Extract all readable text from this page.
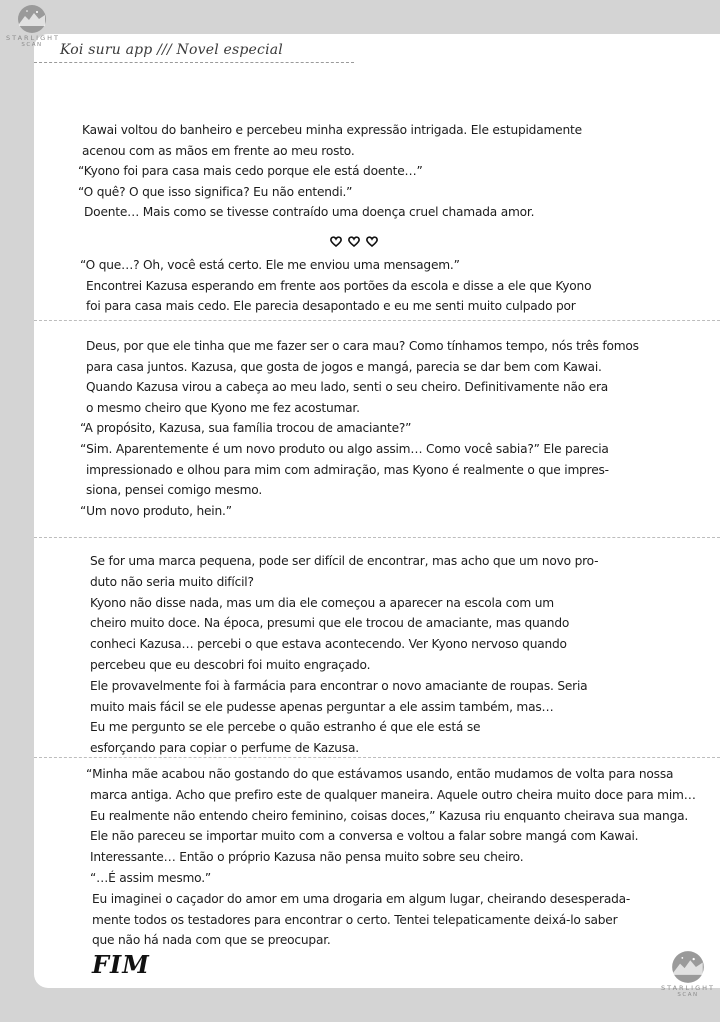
STARLIGHT
SCAN	Koi suru app /// Novel especial
Kawai voltou do banheiro e percebeu minha expressão intrigada. Ele estupidamente
acenou com as mãos em frente ao meu rosto.
“Kyono foi para casa mais cedo porque ele está doente…”
“O quê? O que isso significa? Eu não entendi.”
Doente… Mais como se tivesse contraído uma doença cruel chamada amor.
“O que…? Oh, você está certo. Ele me enviou uma mensagem.”
Encontrei Kazusa esperando em frente aos portões da escola e disse a ele que Kyono
foi para casa mais cedo. Ele parecia desapontado e eu me senti muito culpado por
Deus, por que ele tinha que me fazer ser o cara mau? Como tínhamos tempo, nós três fomos
para casa juntos. Kazusa, que gosta de jogos e mangá, parecia se dar bem com Kawai.
Quando Kazusa virou a cabeça ao meu lado, senti o seu cheiro. Definitivamente não era
o mesmo cheiro que Kyono me fez acostumar.
“A propósito, Kazusa, sua família trocou de amaciante?”
“Sim. Aparentemente é um novo produto ou algo assim… Como você sabia?” Ele parecia
impressionado e olhou para mim com admiração, mas Kyono é realmente o que impres-
siona, pensei comigo mesmo.
“Um novo produto, hein.”
Se for uma marca pequena, pode ser difícil de encontrar, mas acho que um novo pro-
duto não seria muito difícil?
Kyono não disse nada, mas um dia ele começou a aparecer na escola com um
cheiro muito doce. Na época, presumi que ele trocou de amaciante, mas quando
conheci Kazusa… percebi o que estava acontecendo. Ver Kyono nervoso quando
percebeu que eu descobri foi muito engraçado.
Ele provavelmente foi à farmácia para encontrar o novo amaciante de roupas. Seria
muito mais fácil se ele pudesse apenas perguntar a ele assim também, mas…
Eu me pergunto se ele percebe o quão estranho é que ele está se
esforçando para copiar o perfume de Kazusa.
“Minha mãe acabou não gostando do que estávamos usando, então mudamos de volta para nossa
marca antiga. Acho que prefiro este de qualquer maneira. Aquele outro cheira muito doce para mim…
Eu realmente não entendo cheiro feminino, coisas doces,” Kazusa riu enquanto cheirava sua manga.
Ele não pareceu se importar muito com a conversa e voltou a falar sobre mangá com Kawai.
Interessante… Então o próprio Kazusa não pensa muito sobre seu cheiro.
“…É assim mesmo.”
Eu imaginei o caçador do amor em uma drogaria em algum lugar, cheirando desesperada-
mente todos os testadores para encontrar o certo. Tentei telepaticamente deixá-lo saber
que não há nada com que se preocupar.
FIM
STARLIGHT
SCAN
